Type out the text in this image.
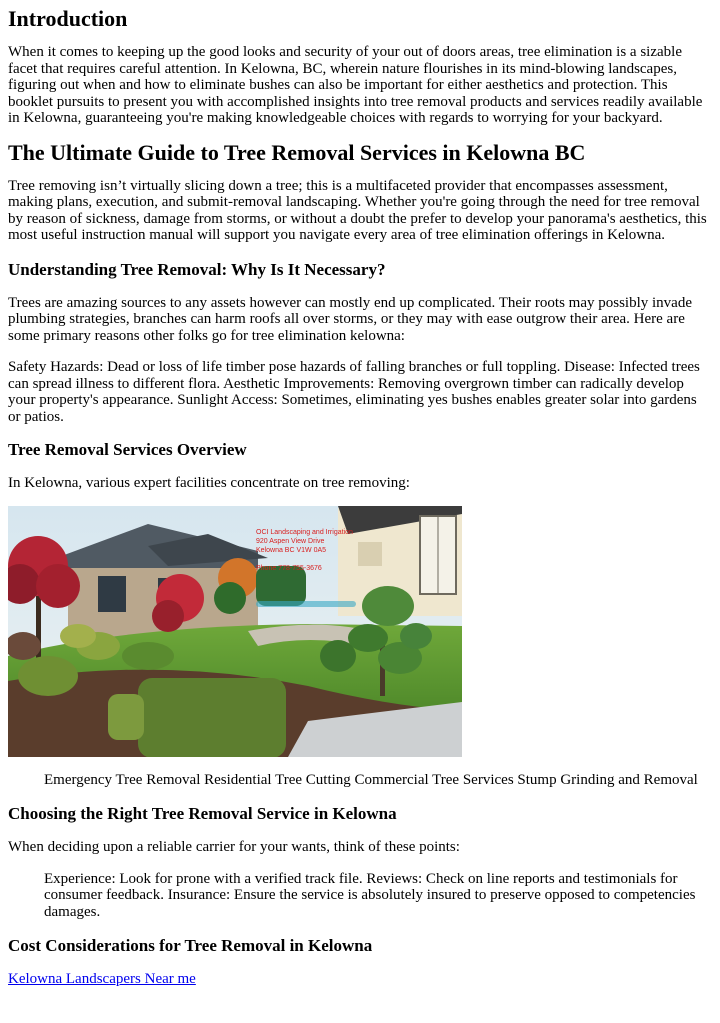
Introduction

When it comes to keeping up the good looks and security of your out of doors areas, tree elimination is a sizable facet that requires careful attention. In Kelowna, BC, wherein nature flourishes in its mind-blowing landscapes, figuring out when and how to eliminate bushes can also be important for either aesthetics and protection. This booklet pursuits to present you with accomplished insights into tree removal products and services readily available in Kelowna, guaranteeing you're making knowledgeable choices with regards to worrying for your backyard.

The Ultimate Guide to Tree Removal Services in Kelowna BC

Tree removing isn’t virtually slicing down a tree; this is a multifaceted provider that encompasses assessment, making plans, execution, and submit-removal landscaping. Whether you're going through the need for tree removal by reason of sickness, damage from storms, or without a doubt the prefer to develop your panorama's aesthetics, this most useful instruction manual will support you navigate every area of tree elimination offerings in Kelowna.

Understanding Tree Removal: Why Is It Necessary?

Trees are amazing sources to any assets however can mostly end up complicated. Their roots may possibly invade plumbing strategies, branches can harm roofs all over storms, or they may with ease outgrow their area. Here are some primary reasons other folks go for tree elimination kelowna:

Safety Hazards: Dead or loss of life timber pose hazards of falling branches or full toppling. Disease: Infected trees can spread illness to different flora. Aesthetic Improvements: Removing overgrown timber can radically develop your property's appearance. Sunlight Access: Sometimes, eliminating yes bushes enables greater solar into gardens or patios.

Tree Removal Services Overview

In Kelowna, various expert facilities concentrate on tree removing:

OCI Landscaping and Irrigation
920 Aspen View Drive
Kelowna BC V1W 0A5

Phone 778-755-3676

Emergency Tree Removal Residential Tree Cutting Commercial Tree Services Stump Grinding and Removal

Choosing the Right Tree Removal Service in Kelowna

When deciding upon a reliable carrier for your wants, think of these points:

Experience: Look for prone with a verified track file. Reviews: Check on line reports and testimonials for consumer feedback. Insurance: Ensure the service is absolutely insured to preserve opposed to competencies damages.

Cost Considerations for Tree Removal in Kelowna

Kelowna Landscapers Near me
